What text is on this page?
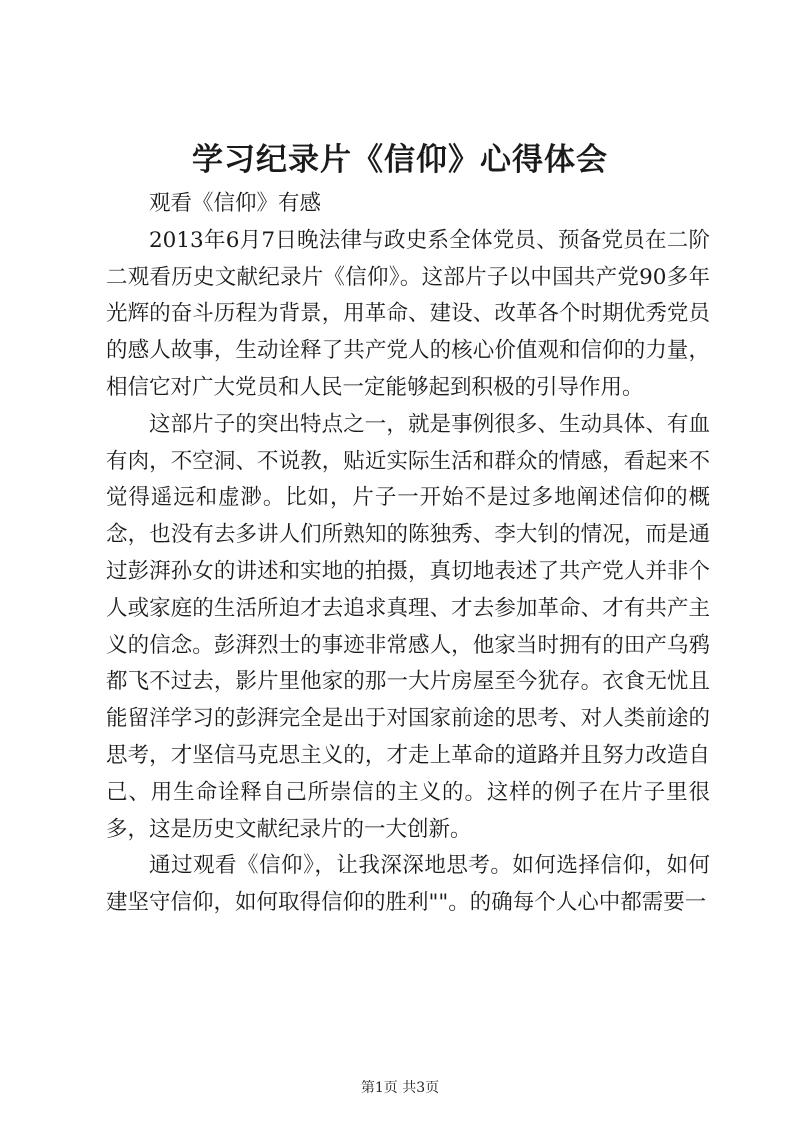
学习纪录片《信仰》心得体会

观看《信仰》有感

2013年6月7日晚法律与政史系全体党员、预备党员在二阶二观看历史文献纪录片《信仰》。这部片子以中国共产党90多年光辉的奋斗历程为背景，用革命、建设、改革各个时期优秀党员的感人故事，生动诠释了共产党人的核心价值观和信仰的力量，相信它对广大党员和人民一定能够起到积极的引导作用。

这部片子的突出特点之一，就是事例很多、生动具体、有血有肉，不空洞、不说教，贴近实际生活和群众的情感，看起来不觉得遥远和虚渺。比如，片子一开始不是过多地阐述信仰的概念，也没有去多讲人们所熟知的陈独秀、李大钊的情况，而是通过彭湃孙女的讲述和实地的拍摄，真切地表述了共产党人并非个人或家庭的生活所迫才去追求真理、才去参加革命、才有共产主义的信念。彭湃烈士的事迹非常感人，他家当时拥有的田产乌鸦都飞不过去，影片里他家的那一大片房屋至今犹存。衣食无忧且能留洋学习的彭湃完全是出于对国家前途的思考、对人类前途的思考，才坚信马克思主义的，才走上革命的道路并且努力改造自己、用生命诠释自己所崇信的主义的。这样的例子在片子里很多，这是历史文献纪录片的一大创新。

通过观看《信仰》，让我深深地思考。如何选择信仰，如何建坚守信仰，如何取得信仰的胜利""。的确每个人心中都需要一

第1页 共3页
